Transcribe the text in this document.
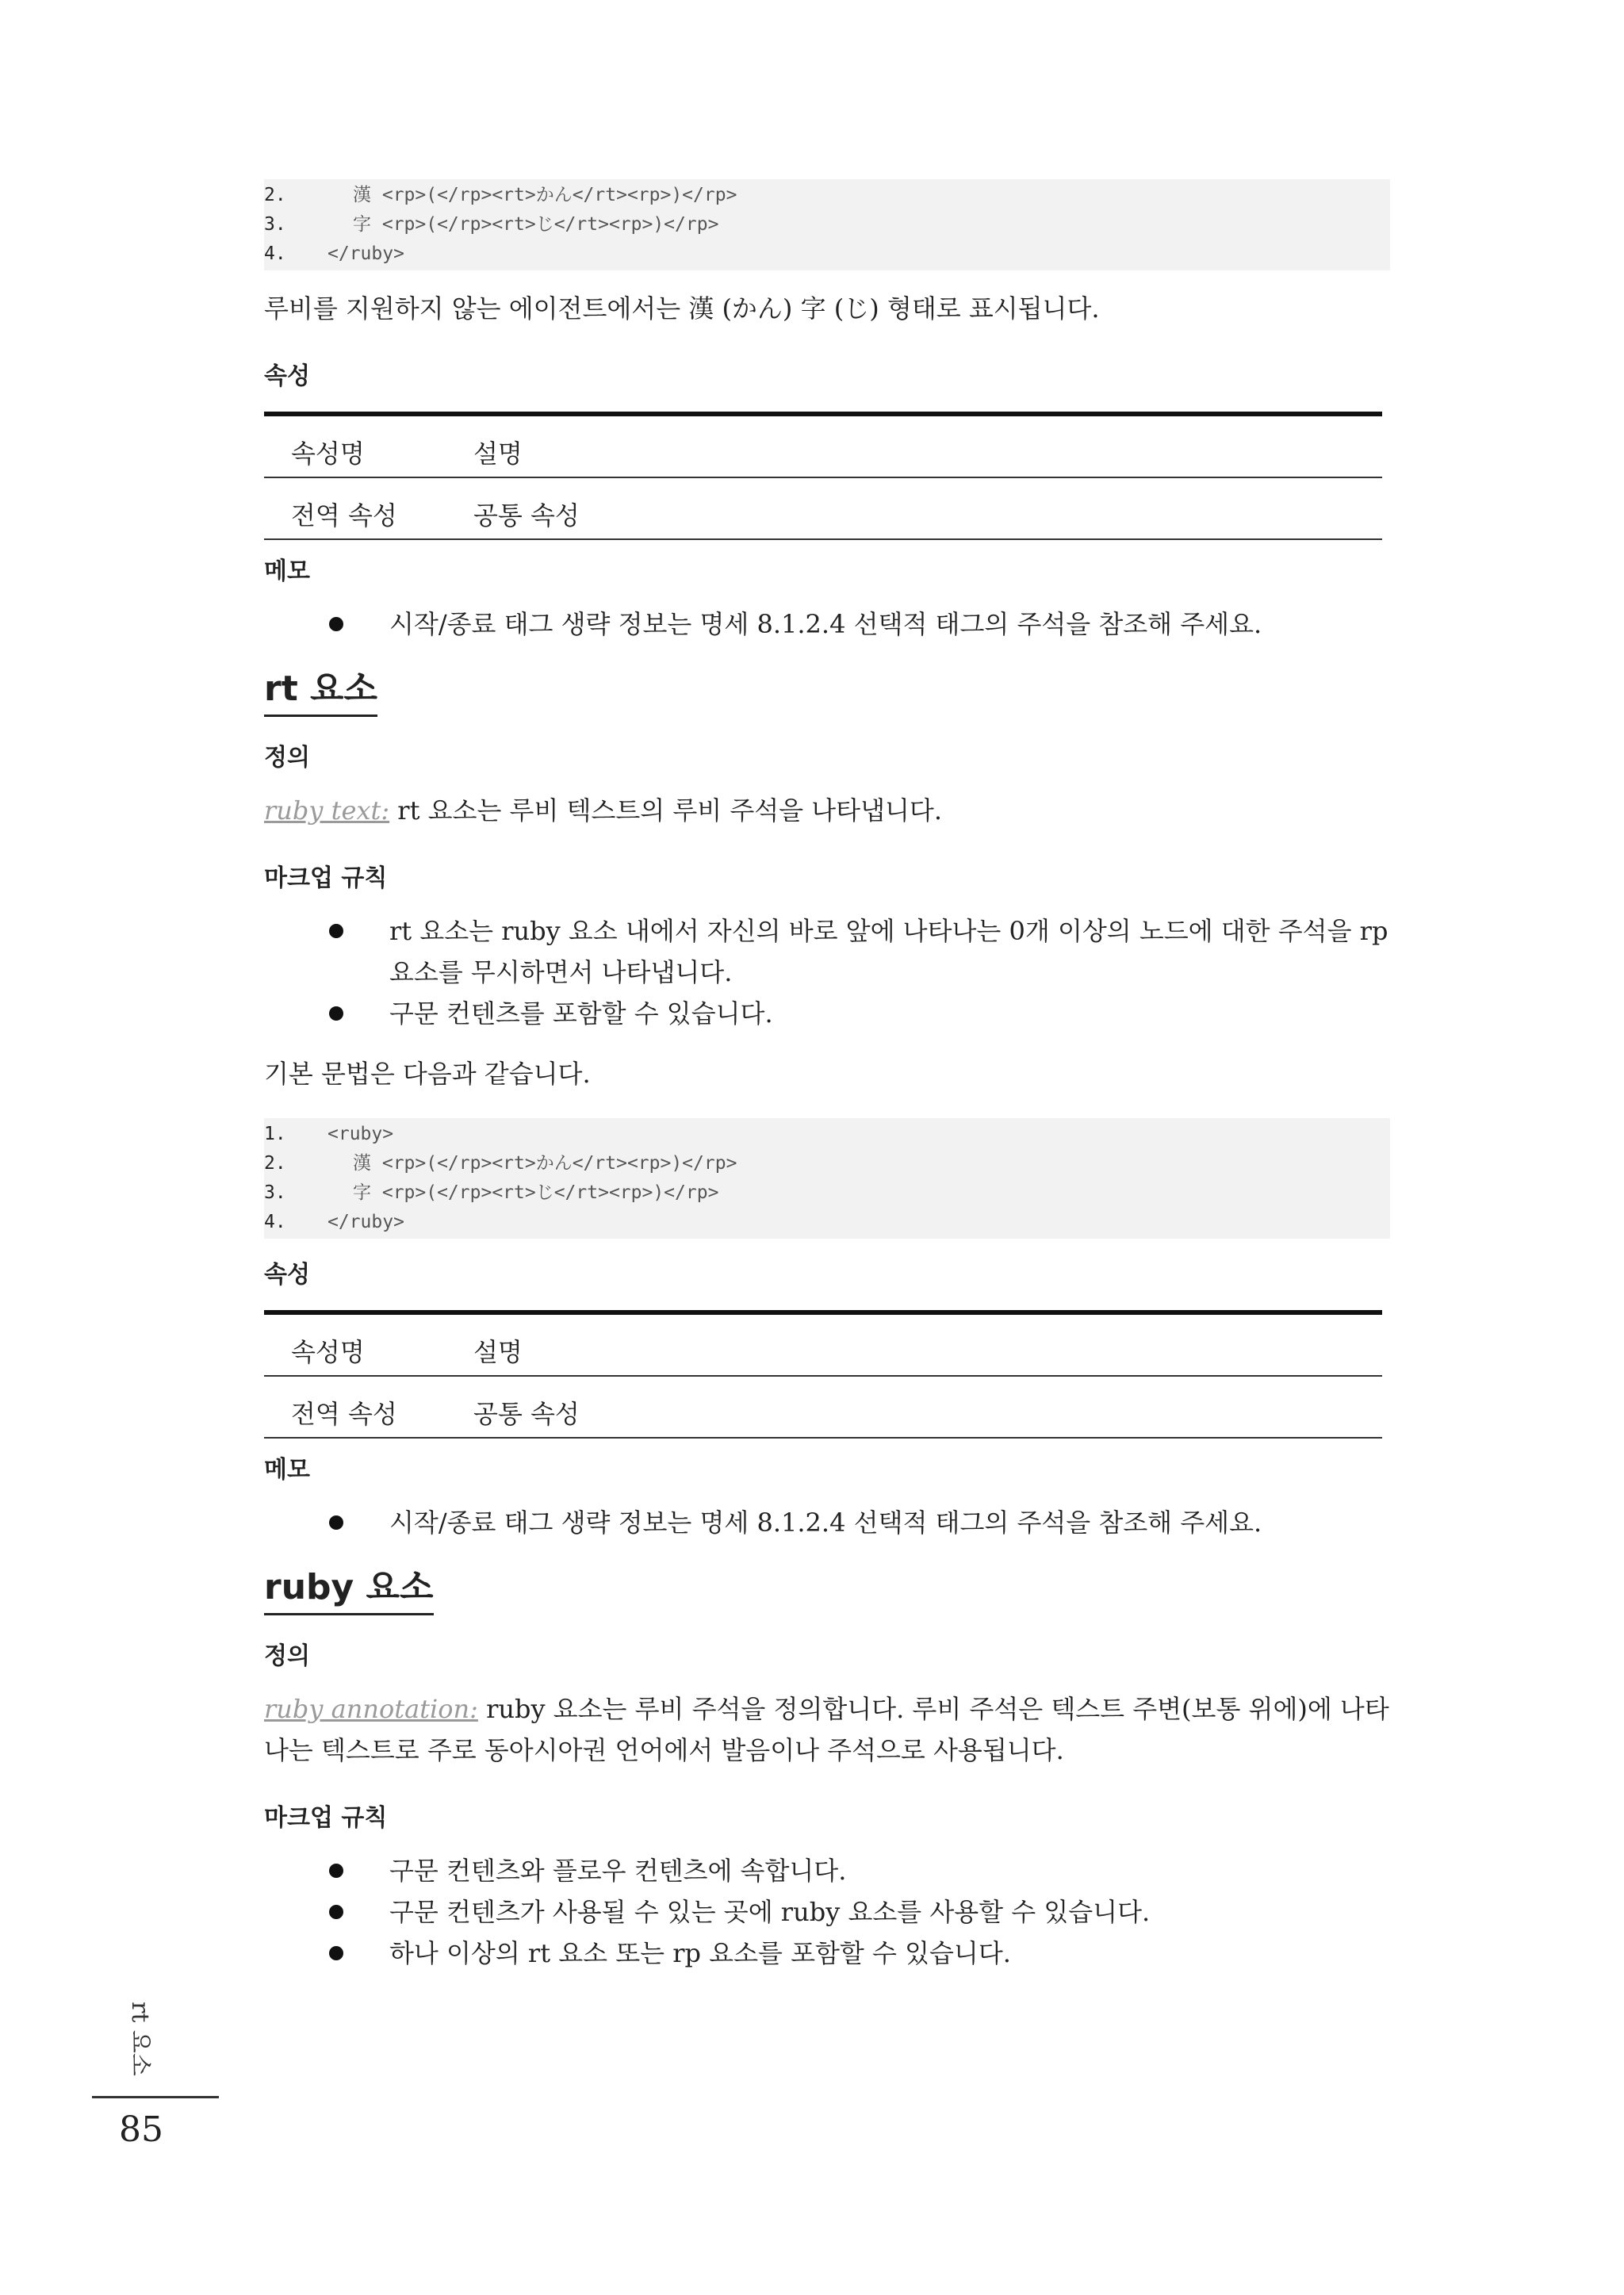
2.	漢 <rp>(</rp><rt>かん</rt><rp>)</rp>
3.	字 <rp>(</rp><rt>じ</rt><rp>)</rp>
4.	</ruby>

루비를 지원하지 않는 에이전트에서는 漢 (かん) 字 (じ) 형태로 표시됩니다.

속성
속성명	설명
전역 속성	공통 속성
메모
시작/종료 태그 생략 정보는 명세 8.1.2.4 선택적 태그의 주석을 참조해 주세요.
rt 요소
정의

ruby text: rt 요소는 루비 텍스트의 루비 주석을 나타냅니다.

마크업 규칙
rt 요소는 ruby 요소 내에서 자신의 바로 앞에 나타나는 0개 이상의 노드에 대한 주석을 rp 요소를 무시하면서 나타냅니다.
구문 컨텐츠를 포함할 수 있습니다.

기본 문법은 다음과 같습니다.

1.	<ruby>
2.	漢 <rp>(</rp><rt>かん</rt><rp>)</rp>
3.	字 <rp>(</rp><rt>じ</rt><rp>)</rp>
4.	</ruby>
속성
속성명	설명
전역 속성	공통 속성
메모
시작/종료 태그 생략 정보는 명세 8.1.2.4 선택적 태그의 주석을 참조해 주세요.
ruby 요소
정의

ruby annotation: ruby 요소는 루비 주석을 정의합니다. 루비 주석은 텍스트 주변(보통 위에)에 나타나는 텍스트로 주로 동아시아권 언어에서 발음이나 주석으로 사용됩니다.

마크업 규칙
구문 컨텐츠와 플로우 컨텐츠에 속합니다.
구문 컨텐츠가 사용될 수 있는 곳에 ruby 요소를 사용할 수 있습니다.
하나 이상의 rt 요소 또는 rp 요소를 포함할 수 있습니다.
rt 요소
85
